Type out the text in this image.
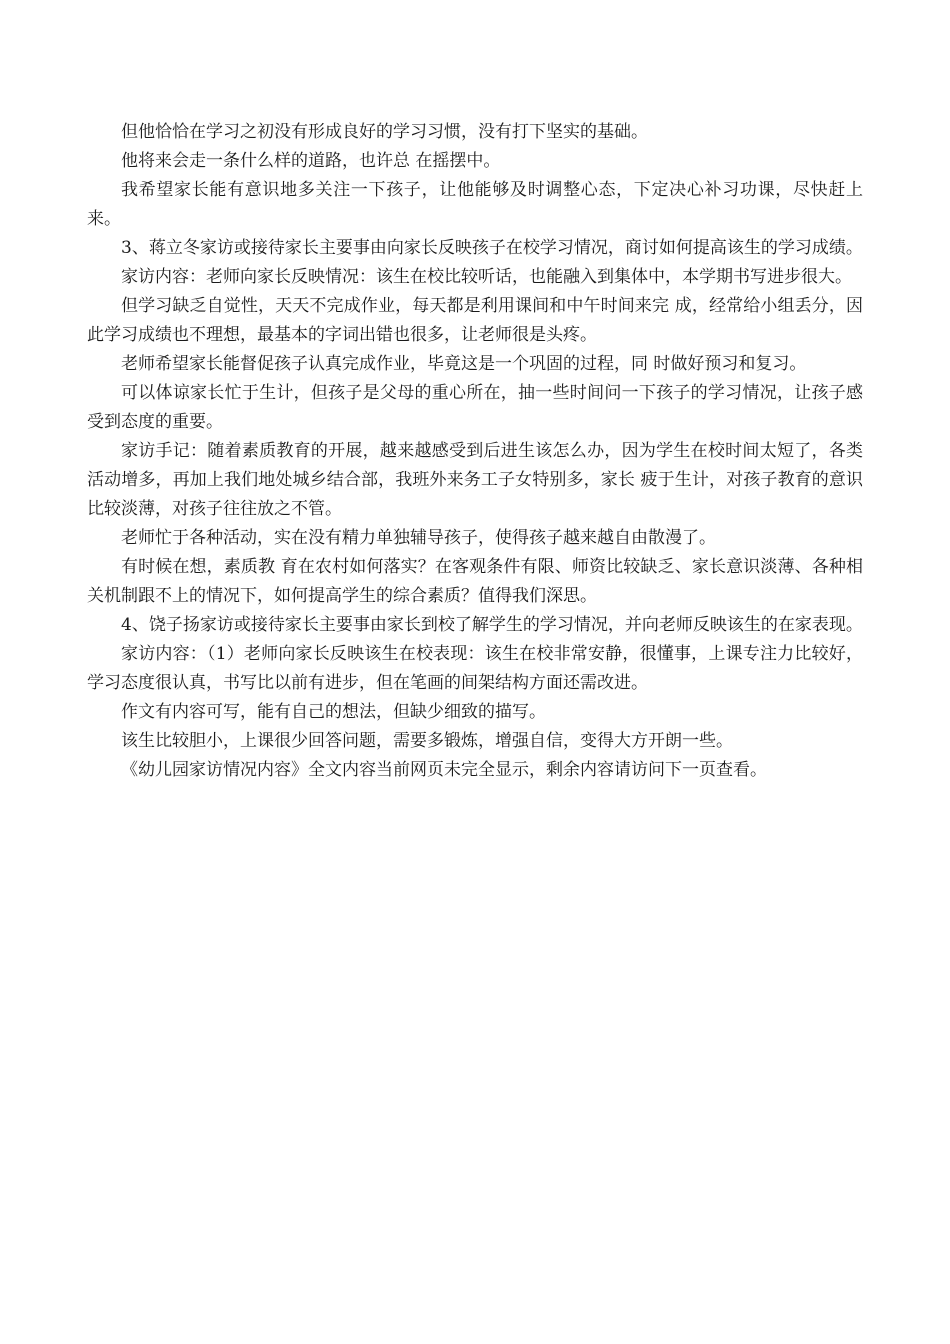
但他恰恰在学习之初没有形成良好的学习习惯，没有打下坚实的基础。

他将来会走一条什么样的道路，也许总 在摇摆中。

我希望家长能有意识地多关注一下孩子，让他能够及时调整心态，下定决心补习功课，尽快赶上来。

3、蒋立冬家访或接待家长主要事由向家长反映孩子在校学习情况，商讨如何提高该生的学习成绩。

家访内容：老师向家长反映情况：该生在校比较听话，也能融入到集体中，本学期书写进步很大。

但学习缺乏自觉性，天天不完成作业，每天都是利用课间和中午时间来完 成，经常给小组丢分，因此学习成绩也不理想，最基本的字词出错也很多，让老师很是头疼。

老师希望家长能督促孩子认真完成作业，毕竟这是一个巩固的过程，同 时做好预习和复习。

可以体谅家长忙于生计，但孩子是父母的重心所在，抽一些时间问一下孩子的学习情况，让孩子感受到态度的重要。

家访手记：随着素质教育的开展，越来越感受到后进生该怎么办，因为学生在校时间太短了，各类活动增多，再加上我们地处城乡结合部，我班外来务工子女特别多，家长 疲于生计，对孩子教育的意识比较淡薄，对孩子往往放之不管。

老师忙于各种活动，实在没有精力单独辅导孩子，使得孩子越来越自由散漫了。

有时候在想，素质教 育在农村如何落实？在客观条件有限、师资比较缺乏、家长意识淡薄、各种相关机制跟不上的情况下，如何提高学生的综合素质？值得我们深思。

4、饶子扬家访或接待家长主要事由家长到校了解学生的学习情况，并向老师反映该生的在家表现。

家访内容：（1）老师向家长反映该生在校表现：该生在校非常安静，很懂事，上课专注力比较好，学习态度很认真，书写比以前有进步，但在笔画的间架结构方面还需改进。

作文有内容可写，能有自己的想法，但缺少细致的描写。

该生比较胆小，上课很少回答问题，需要多锻炼，增强自信，变得大方开朗一些。

《幼儿园家访情况内容》全文内容当前网页未完全显示，剩余内容请访问下一页查看。
